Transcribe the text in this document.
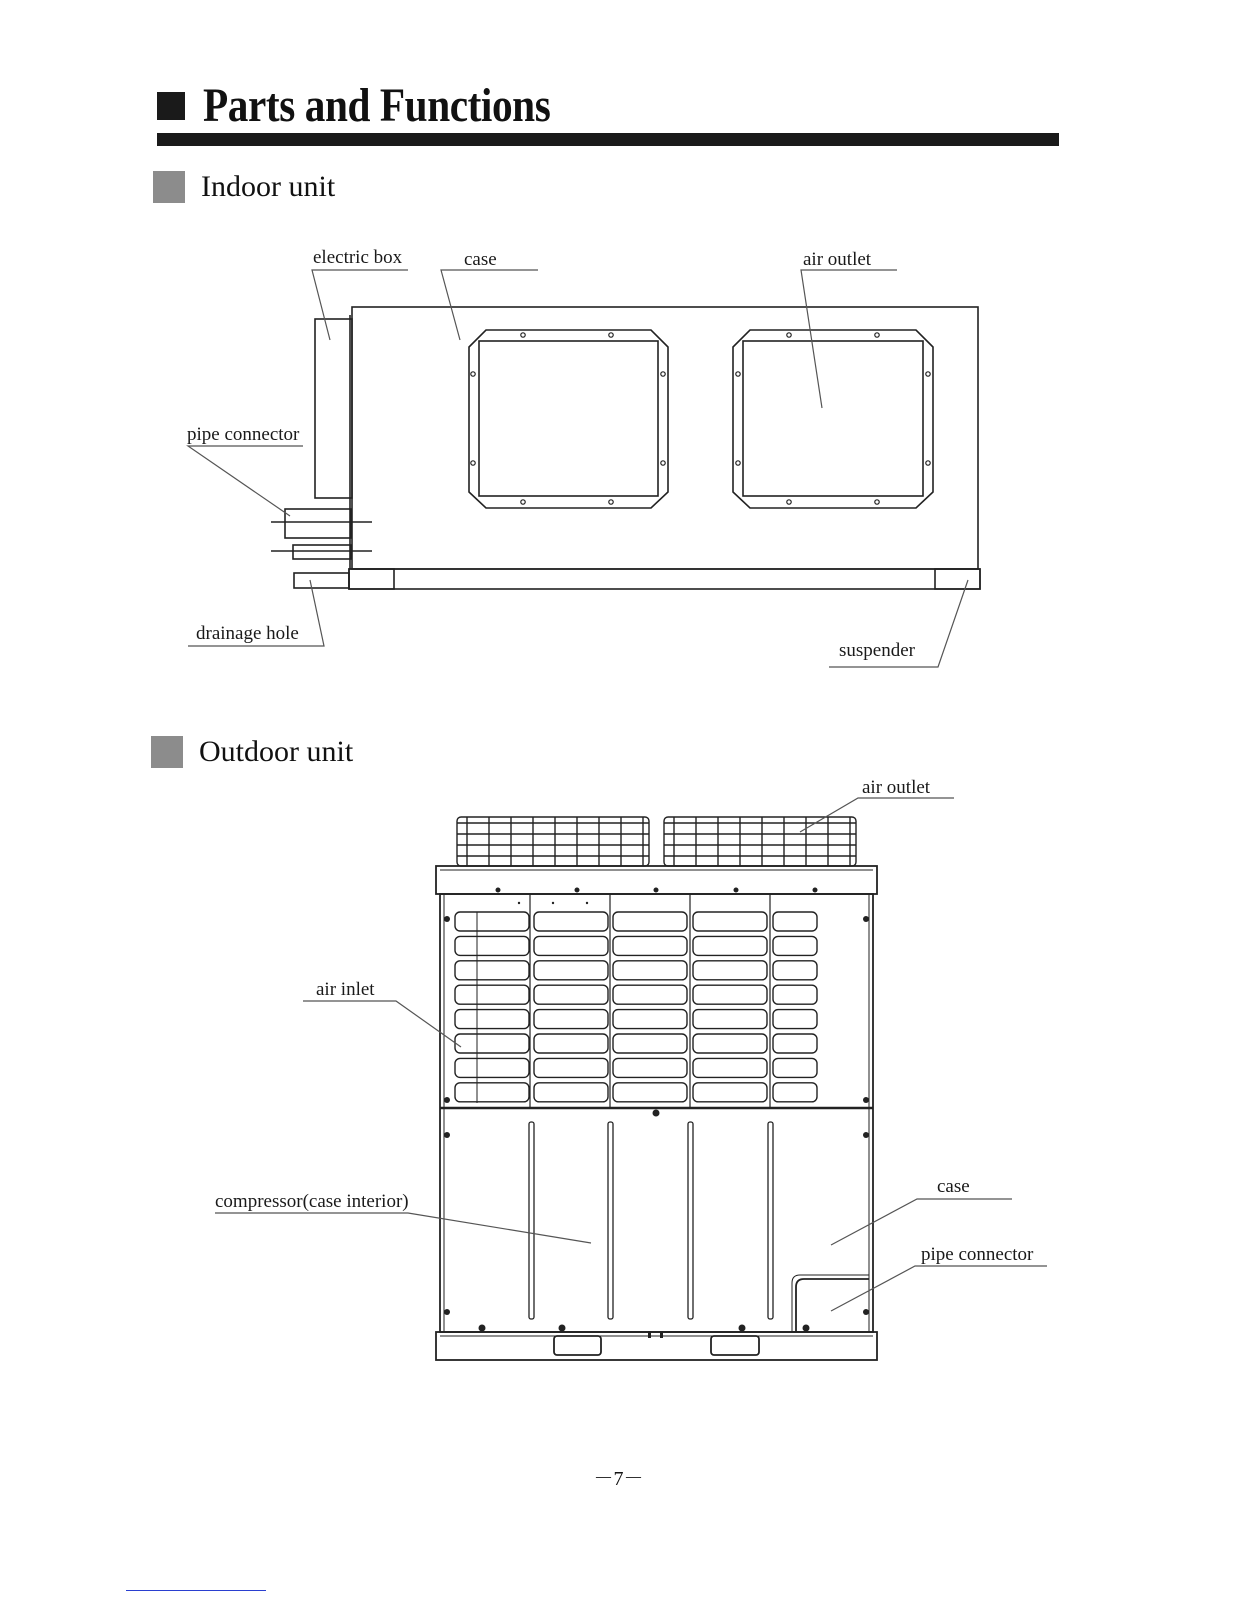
Parts and Functions
Indoor unit
electric box	case	air outlet
pipe connector
drainage hole
suspender
Outdoor unit
air outlet
air inlet
compressor(case interior)
case
pipe connector
－7－
